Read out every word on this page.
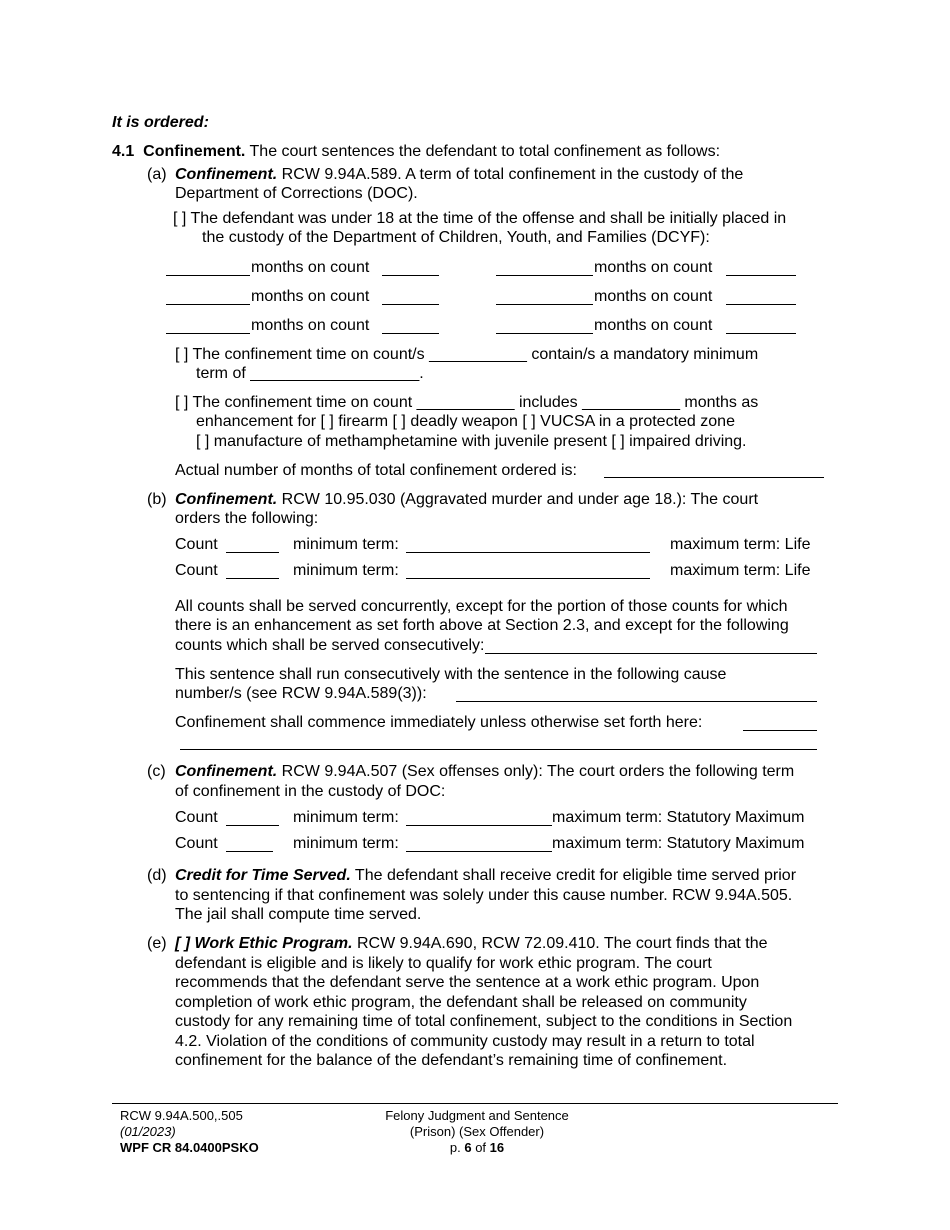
It is ordered:
4.1 Confinement. The court sentences the defendant to total confinement as follows:
(a) Confinement. RCW 9.94A.589. A term of total confinement in the custody of the
Department of Corrections (DOC).
[ ] The defendant was under 18 at the time of the offense and shall be initially placed in
the custody of the Department of Children, Youth, and Families (DCYF):
months on count	months on count
months on count	months on count
months on count	months on count
[ ] The confinement time on count/s ___________ contain/s a mandatory minimum
term of ___________________.
[ ] The confinement time on count ___________ includes ___________ months as
enhancement for [ ] firearm [ ] deadly weapon [ ] VUCSA in a protected zone
[ ] manufacture of methamphetamine with juvenile present [ ] impaired driving.
Actual number of months of total confinement ordered is:
(b) Confinement. RCW 10.95.030 (Aggravated murder and under age 18.): The court
orders the following:
Count	minimum term:	maximum term: Life
Count	minimum term:	maximum term: Life
All counts shall be served concurrently, except for the portion of those counts for which
there is an enhancement as set forth above at Section 2.3, and except for the following
counts which shall be served consecutively:
This sentence shall run consecutively with the sentence in the following cause
number/s (see RCW 9.94A.589(3)):
Confinement shall commence immediately unless otherwise set forth here:
(c) Confinement. RCW 9.94A.507 (Sex offenses only): The court orders the following term
of confinement in the custody of DOC:
Count	minimum term:	maximum term: Statutory Maximum
Count	minimum term:	maximum term: Statutory Maximum
(d) Credit for Time Served. The defendant shall receive credit for eligible time served prior
to sentencing if that confinement was solely under this cause number. RCW 9.94A.505.
The jail shall compute time served.
(e) [ ] Work Ethic Program. RCW 9.94A.690, RCW 72.09.410. The court finds that the
defendant is eligible and is likely to qualify for work ethic program. The court
recommends that the defendant serve the sentence at a work ethic program. Upon
completion of work ethic program, the defendant shall be released on community
custody for any remaining time of total confinement, subject to the conditions in Section
4.2. Violation of the conditions of community custody may result in a return to total
confinement for the balance of the defendant’s remaining time of confinement.
RCW 9.94A.500,.505
(01/2023)
WPF CR 84.0400PSKO
Felony Judgment and Sentence
(Prison) (Sex Offender)
p. 6 of 16
